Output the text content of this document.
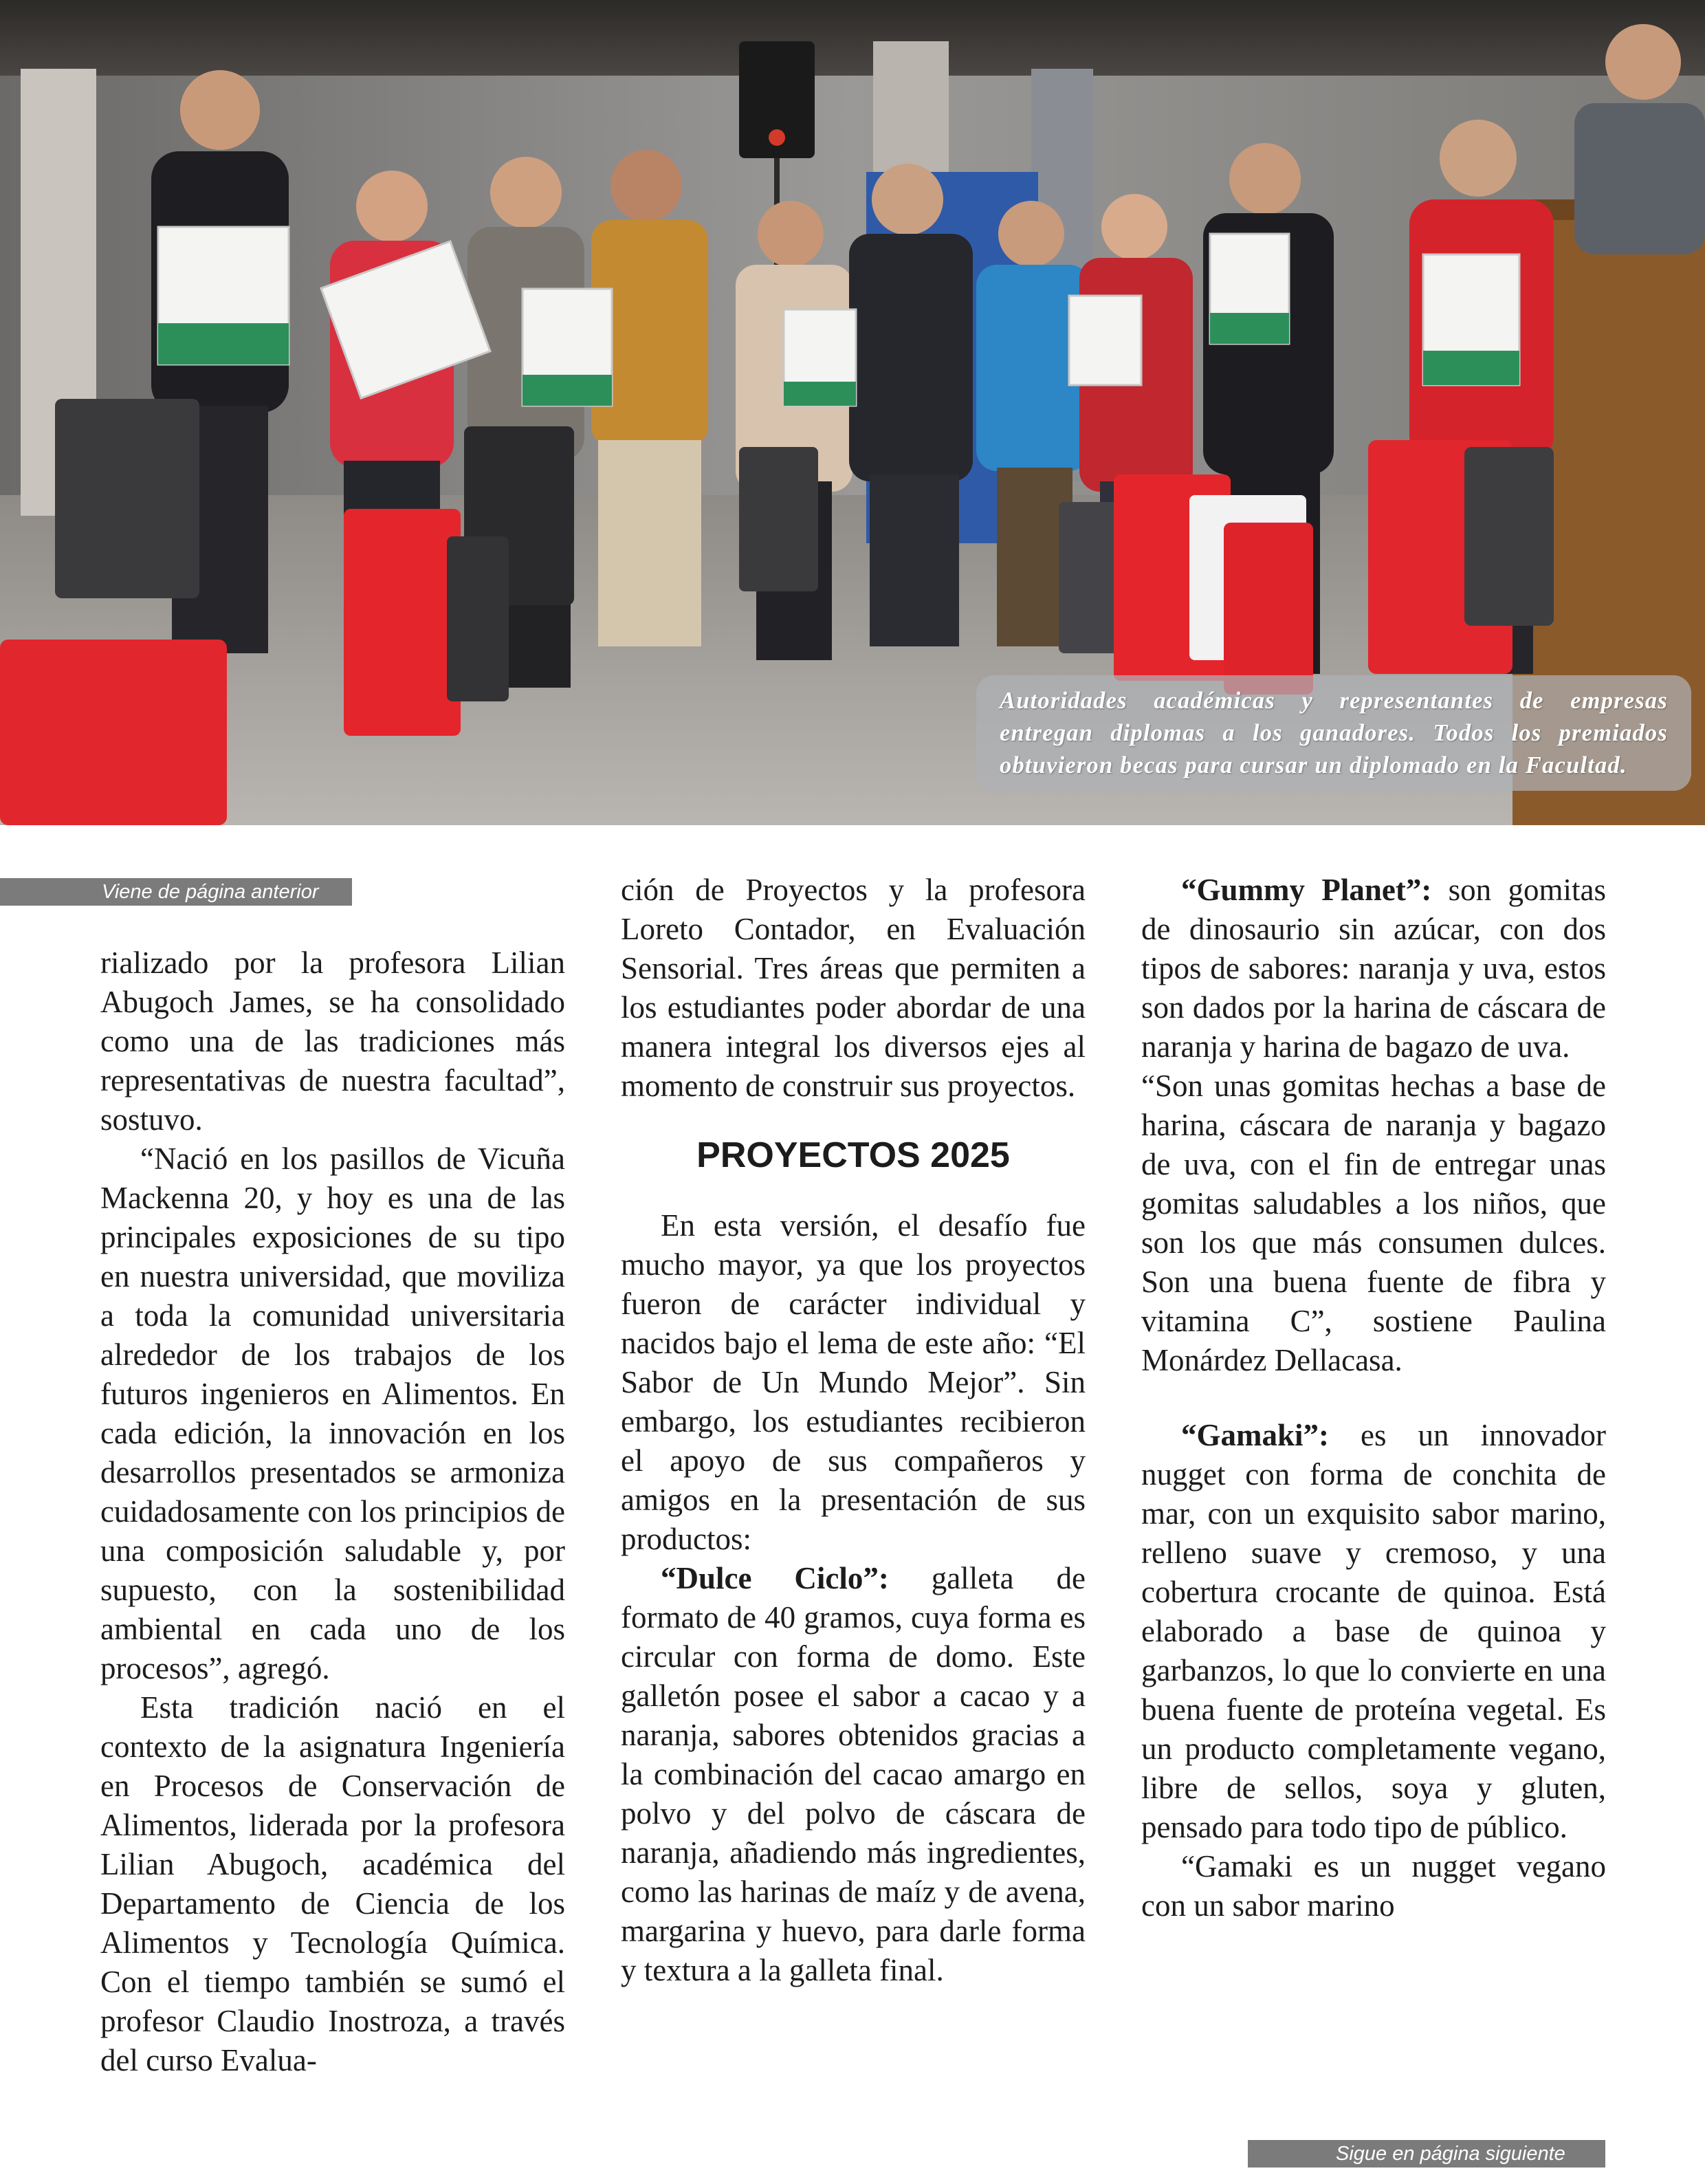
Autoridades académicas y representantes de empresas entregan diplomas a los ganadores. Todos los premiados obtuvieron becas para cursar un diplomado en la Facultad.
Viene de página anterior
Sigue en página siguiente

rializado por la profesora Lilian Abugoch James, se ha consolidado como una de las tradiciones más representativas de nuestra facultad”, sostuvo.

“Nació en los pasillos de Vicuña Mackenna 20, y hoy es una de las principales exposiciones de su tipo en nuestra universidad, que moviliza a toda la comunidad universitaria alrededor de los trabajos de los futuros ingenieros en Alimentos. En cada edición, la innovación en los desarrollos presentados se armoniza cuidadosamente con los principios de una composición saludable y, por supuesto, con la sostenibilidad ambiental en cada uno de los procesos”, agregó.

Esta tradición nació en el contexto de la asignatura Ingeniería en Procesos de Conservación de Alimentos, liderada por la profesora Lilian Abugoch, académica del Departamento de Ciencia de los Alimentos y Tecnología Química. Con el tiempo también se sumó el profesor Claudio Inostroza, a través del curso Evalua-

ción de Proyectos y la profesora Loreto Contador, en Evaluación Sensorial. Tres áreas que permiten a los estudiantes poder abordar de una manera integral los diversos ejes al momento de construir sus proyectos.

PROYECTOS 2025

En esta versión, el desafío fue mucho mayor, ya que los proyectos fueron de carácter individual y nacidos bajo el lema de este año: “El Sabor de Un Mundo Mejor”. Sin embargo, los estudiantes recibieron el apoyo de sus compañeros y amigos en la presentación de sus productos:

“Dulce Ciclo”: galleta de formato de 40 gramos, cuya forma es circular con forma de domo. Este galletón posee el sabor a cacao y a naranja, sabores obtenidos gracias a la combinación del cacao amargo en polvo y del polvo de cáscara de naranja, añadiendo más ingredientes, como las harinas de maíz y de avena, margarina y huevo, para darle forma y textura a la galleta final.

“Gummy Planet”: son gomitas de dinosaurio sin azúcar, con dos tipos de sabores: naranja y uva, estos son dados por la harina de cáscara de naranja y harina de bagazo de uva.

“Son unas gomitas hechas a base de harina, cáscara de naranja y bagazo de uva, con el fin de entregar unas gomitas saludables a los niños, que son los que más consumen dulces. Son una buena fuente de fibra y vitamina C”, sostiene Paulina Monárdez Dellacasa.

“Gamaki”: es un innovador nugget con forma de conchita de mar, con un exquisito sabor marino, relleno suave y cremoso, y una cobertura crocante de quinoa. Está elaborado a base de quinoa y garbanzos, lo que lo convierte en una buena fuente de proteína vegetal. Es un producto completamente vegano, libre de sellos, soya y gluten, pensado para todo tipo de público.

“Gamaki es un nugget vegano con un sabor marino
